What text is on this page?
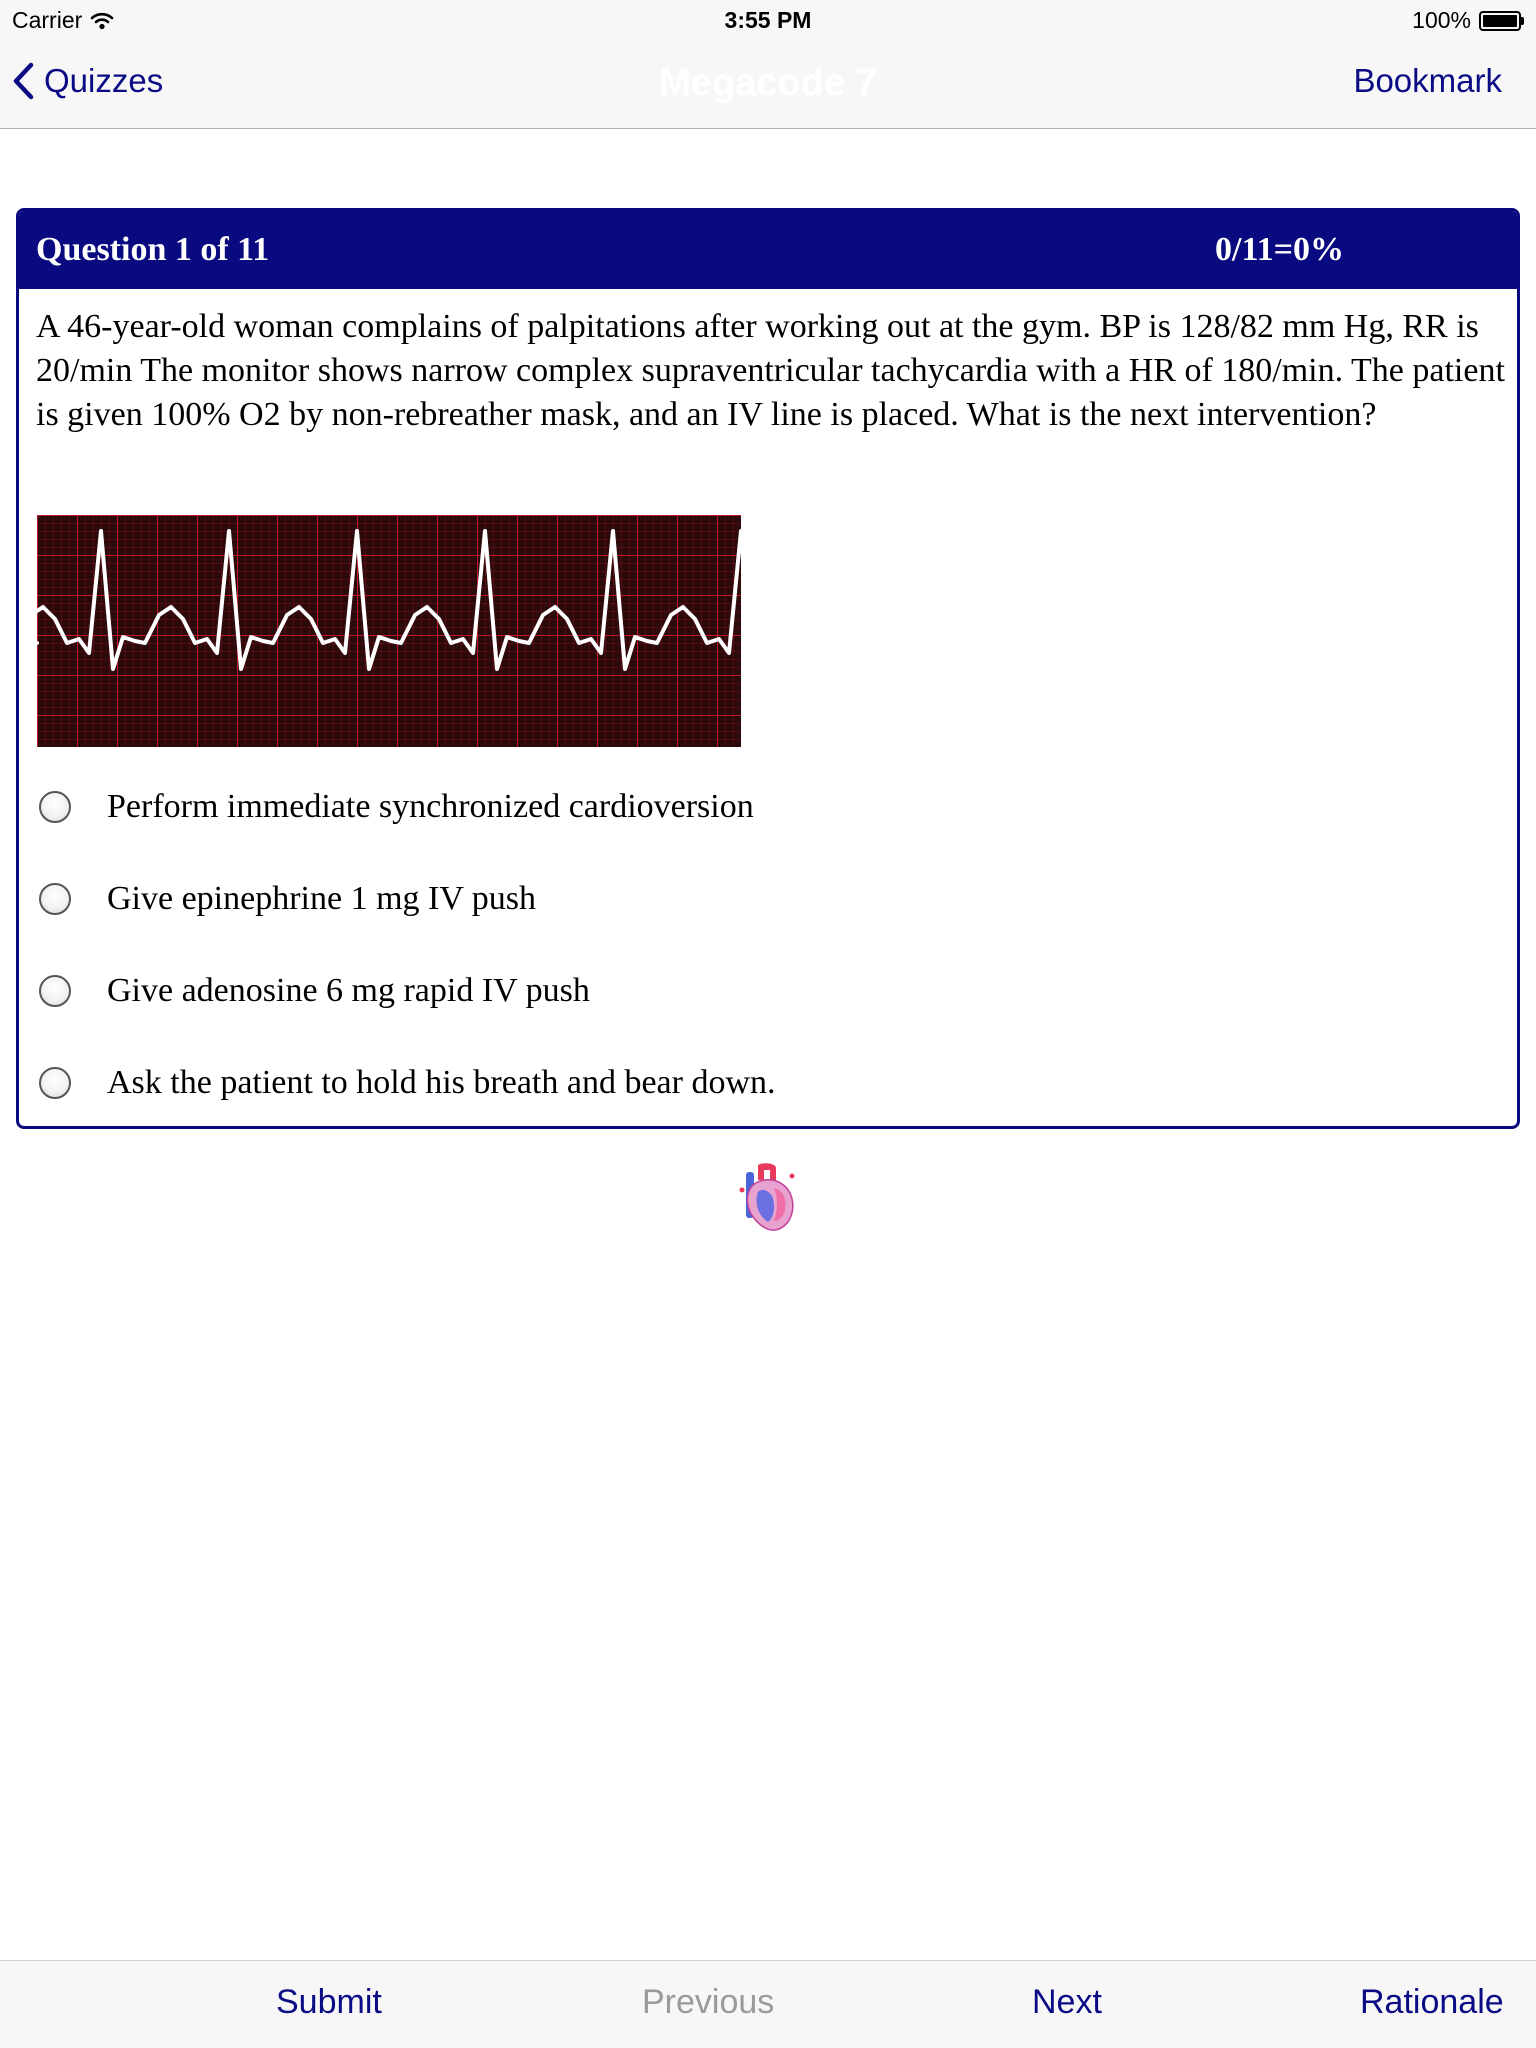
Carrier	3:55 PM	100%
Quizzes	Megacode 7	Bookmark
Question 1 of 11	0/11=0%
A 46-year-old woman complains of palpitations after working out at the gym. BP is 128/82 mm Hg, RR is 20/min The monitor shows narrow complex supraventricular tachycardia with a HR of 180/min. The patient is given 100% O2 by non-rebreather mask, and an IV line is placed. What is the next intervention?
Perform immediate synchronized cardioversion
Give epinephrine 1 mg IV push
Give adenosine 6 mg rapid IV push
Ask the patient to hold his breath and bear down.
Submit	Previous	Next	Rationale
